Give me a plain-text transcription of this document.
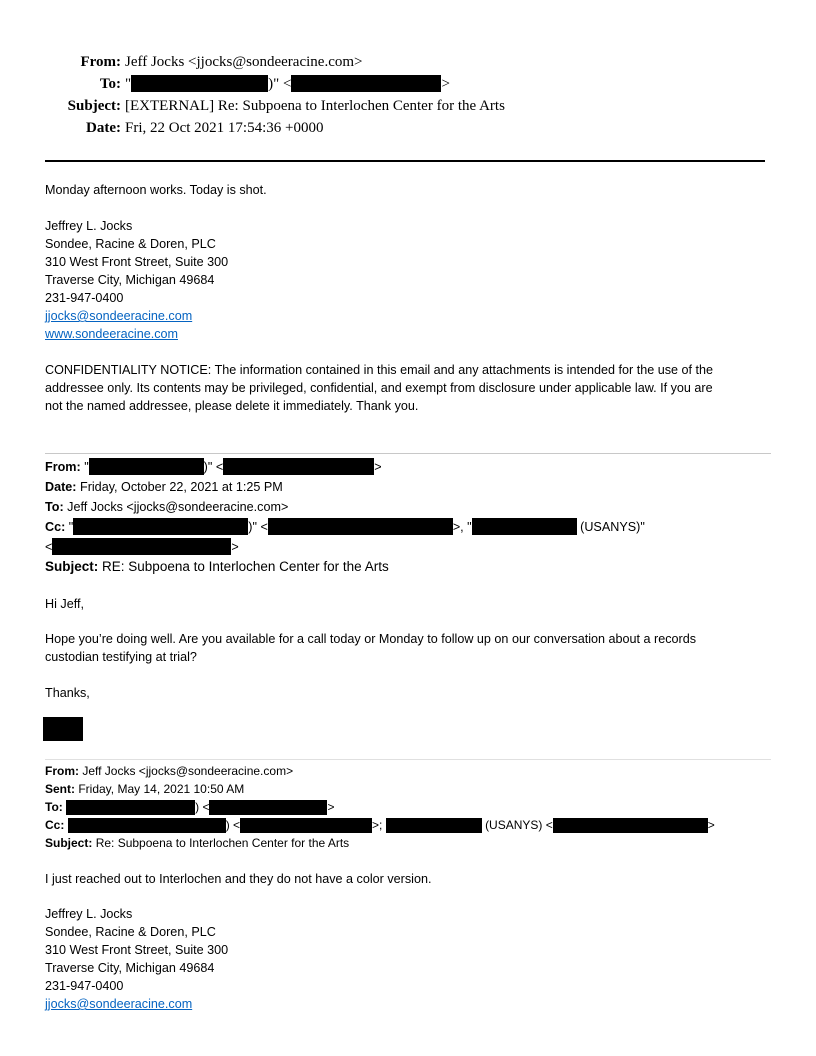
From: Jeff Jocks <jjocks@sondeeracine.com>
To: "	)" <	>
Subject: [EXTERNAL] Re: Subpoena to Interlochen Center for the Arts
Date: Fri, 22 Oct 2021 17:54:36 +0000
Monday afternoon works. Today is shot.
Jeffrey L. Jocks
Sondee, Racine & Doren, PLC
310 West Front Street, Suite 300
Traverse City, Michigan 49684
231-947-0400
jjocks@sondeeracine.com
www.sondeeracine.com
CONFIDENTIALITY NOTICE: The information contained in this email and any attachments is intended for the use of the
addressee only. Its contents may be privileged, confidential, and exempt from disclosure under applicable law. If you are
not the named addressee, please delete it immediately. Thank you.
From: "	)" <	>
Date: Friday, October 22, 2021 at 1:25 PM
To: Jeff Jocks <jjocks@sondeeracine.com>
Cc: "	)" <	>, "	(USANYS)"
<	>
Subject: RE: Subpoena to Interlochen Center for the Arts
Hi Jeff,
Hope you’re doing well. Are you available for a call today or Monday to follow up on our conversation about a records
custodian testifying at trial?
Thanks,
From: Jeff Jocks <jjocks@sondeeracine.com>
Sent: Friday, May 14, 2021 10:50 AM
To:	) <	>
Cc:	) <	>;	(USANYS) <	>
Subject: Re: Subpoena to Interlochen Center for the Arts
I just reached out to Interlochen and they do not have a color version.
Jeffrey L. Jocks
Sondee, Racine & Doren, PLC
310 West Front Street, Suite 300
Traverse City, Michigan 49684
231-947-0400
jjocks@sondeeracine.com
